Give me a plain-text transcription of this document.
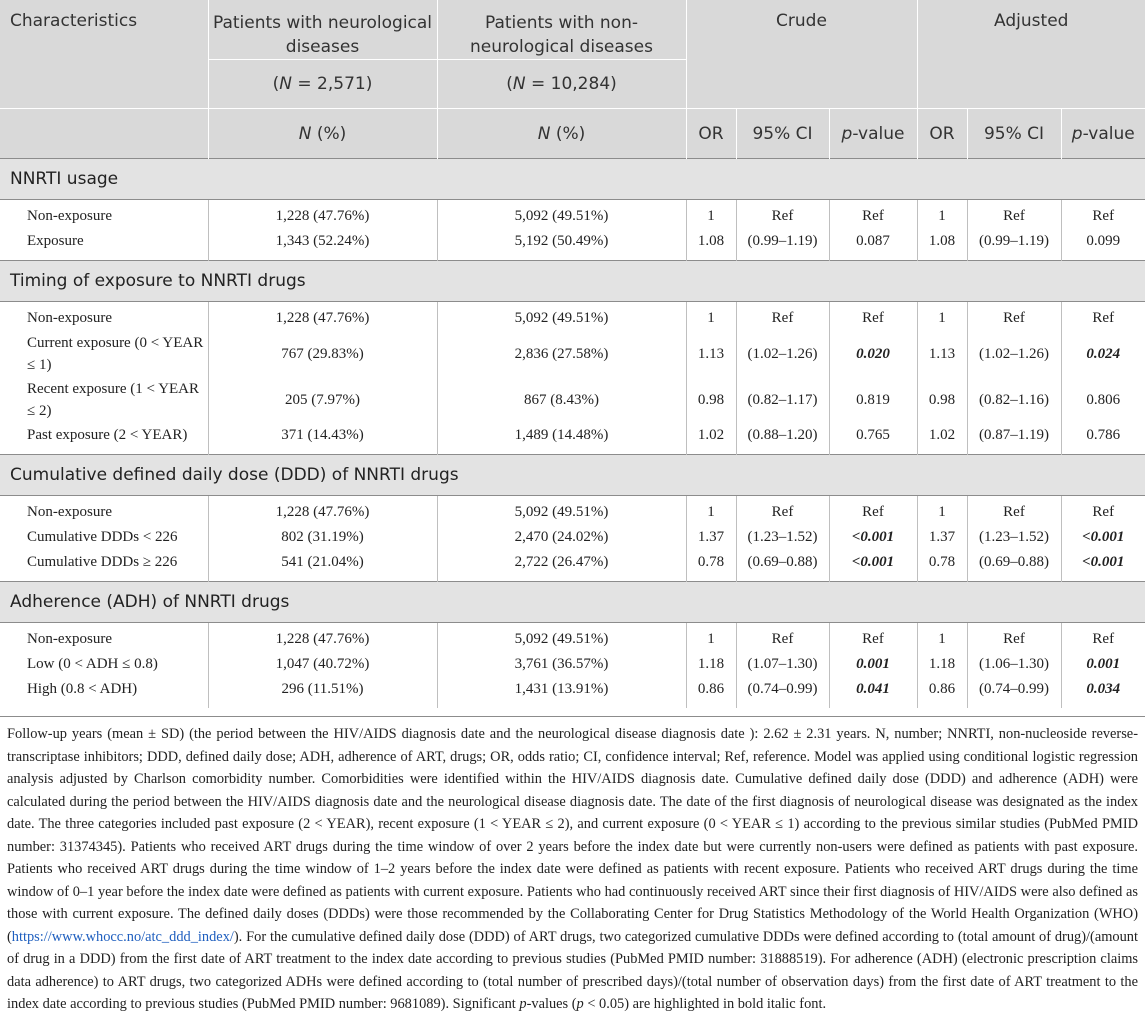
Characteristics	Patients with neurological diseases	Patients with non-neurological diseases	Crude			Adjusted		
	(N = 2,571)	(N = 10,284)						
	N (%)	N (%)	OR	95% CI	p-value	OR	95% CI	p-value
NNRTI usage								
Non-exposure	1,228 (47.76%)	5,092 (49.51%)	1	Ref	Ref	1	Ref	Ref
Exposure	1,343 (52.24%)	5,192 (50.49%)	1.08	(0.99–1.19)	0.087	1.08	(0.99–1.19)	0.099
Timing of exposure to NNRTI drugs								
Non-exposure	1,228 (47.76%)	5,092 (49.51%)	1	Ref	Ref	1	Ref	Ref
Current exposure (0 < YEAR ≤ 1)	767 (29.83%)	2,836 (27.58%)	1.13	(1.02–1.26)	0.020	1.13	(1.02–1.26)	0.024
Recent exposure (1 < YEAR ≤ 2)	205 (7.97%)	867 (8.43%)	0.98	(0.82–1.17)	0.819	0.98	(0.82–1.16)	0.806
Past exposure (2 < YEAR)	371 (14.43%)	1,489 (14.48%)	1.02	(0.88–1.20)	0.765	1.02	(0.87–1.19)	0.786
Cumulative defined daily dose (DDD) of NNRTI drugs								
Non-exposure	1,228 (47.76%)	5,092 (49.51%)	1	Ref	Ref	1	Ref	Ref
Cumulative DDDs < 226	802 (31.19%)	2,470 (24.02%)	1.37	(1.23–1.52)	<0.001	1.37	(1.23–1.52)	<0.001
Cumulative DDDs ≥ 226	541 (21.04%)	2,722 (26.47%)	0.78	(0.69–0.88)	<0.001	0.78	(0.69–0.88)	<0.001
Adherence (ADH) of NNRTI drugs								
Non-exposure	1,228 (47.76%)	5,092 (49.51%)	1	Ref	Ref	1	Ref	Ref
Low (0 < ADH ≤ 0.8)	1,047 (40.72%)	3,761 (36.57%)	1.18	(1.07–1.30)	0.001	1.18	(1.06–1.30)	0.001
High (0.8 < ADH)	296 (11.51%)	1,431 (13.91%)	0.86	(0.74–0.99)	0.041	0.86	(0.74–0.99)	0.034
Follow-up years (mean ± SD) (the period between the HIV/AIDS diagnosis date and the neurological disease diagnosis date ): 2.62 ± 2.31 years. N, number; NNRTI, non-nucleoside reverse-transcriptase inhibitors; DDD, defined daily dose; ADH, adherence of ART, drugs; OR, odds ratio; CI, confidence interval; Ref, reference. Model was applied using conditional logistic regression analysis adjusted by Charlson comorbidity number. Comorbidities were identified within the HIV/AIDS diagnosis date. Cumulative defined daily dose (DDD) and adherence (ADH) were calculated during the period between the HIV/AIDS diagnosis date and the neurological disease diagnosis date. The date of the first diagnosis of neurological disease was designated as the index date. The three categories included past exposure (2 < YEAR), recent exposure (1 < YEAR ≤ 2), and current exposure (0 < YEAR ≤ 1) according to the previous similar studies (PubMed PMID number: 31374345). Patients who received ART drugs during the time window of over 2 years before the index date but were currently non-users were defined as patients with past exposure. Patients who received ART drugs during the time window of 1–2 years before the index date were defined as patients with recent exposure. Patients who received ART drugs during the time window of 0–1 year before the index date were defined as patients with current exposure. Patients who had continuously received ART since their first diagnosis of HIV/AIDS were also defined as those with current exposure. The defined daily doses (DDDs) were those recommended by the Collaborating Center for Drug Statistics Methodology of the World Health Organization (WHO) (https://www.whocc.no/atc_ddd_index/). For the cumulative defined daily dose (DDD) of ART drugs, two categorized cumulative DDDs were defined according to (total amount of drug)/(amount of drug in a DDD) from the first date of ART treatment to the index date according to previous studies (PubMed PMID number: 31888519). For adherence (ADH) (electronic prescription claims data adherence) to ART drugs, two categorized ADHs were defined according to (total number of prescribed days)/(total number of observation days) from the first date of ART treatment to the index date according to previous studies (PubMed PMID number: 9681089). Significant p-values (p < 0.05) are highlighted in bold italic font.
